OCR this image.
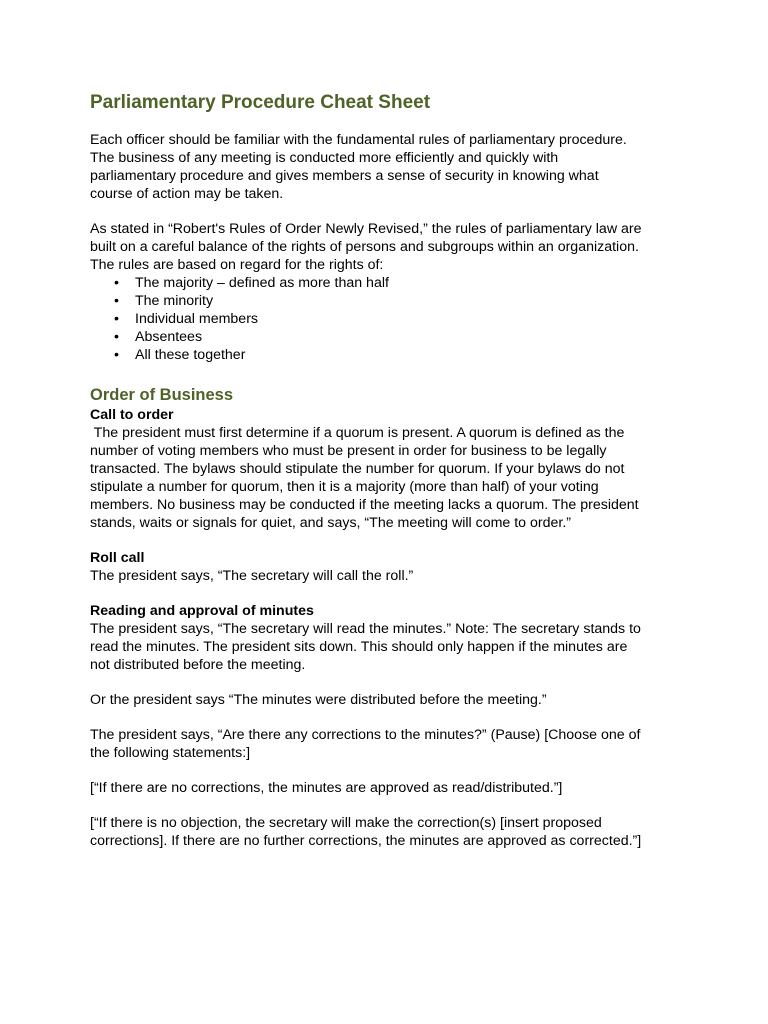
Parliamentary Procedure Cheat Sheet

Each officer should be familiar with the fundamental rules of parliamentary procedure.

The business of any meeting is conducted more efficiently and quickly with

parliamentary procedure and gives members a sense of security in knowing what

course of action may be taken.

As stated in “Robert's Rules of Order Newly Revised,” the rules of parliamentary law are

built on a careful balance of the rights of persons and subgroups within an organization.

The rules are based on regard for the rights of:

• The majority – defined as more than half
• The minority
• Individual members
• Absentees
• All these together
Order of Business

Call to order

The president must first determine if a quorum is present. A quorum is defined as the

number of voting members who must be present in order for business to be legally

transacted. The bylaws should stipulate the number for quorum. If your bylaws do not

stipulate a number for quorum, then it is a majority (more than half) of your voting

members. No business may be conducted if the meeting lacks a quorum. The president

stands, waits or signals for quiet, and says, “The meeting will come to order.”

Roll call

The president says, “The secretary will call the roll.”

Reading and approval of minutes

The president says, “The secretary will read the minutes.” Note: The secretary stands to

read the minutes. The president sits down. This should only happen if the minutes are

not distributed before the meeting.

Or the president says “The minutes were distributed before the meeting.”

The president says, “Are there any corrections to the minutes?” (Pause) [Choose one of

the following statements:]

[“If there are no corrections, the minutes are approved as read/distributed.”]

[“If there is no objection, the secretary will make the correction(s) [insert proposed

corrections]. If there are no further corrections, the minutes are approved as corrected.”]
